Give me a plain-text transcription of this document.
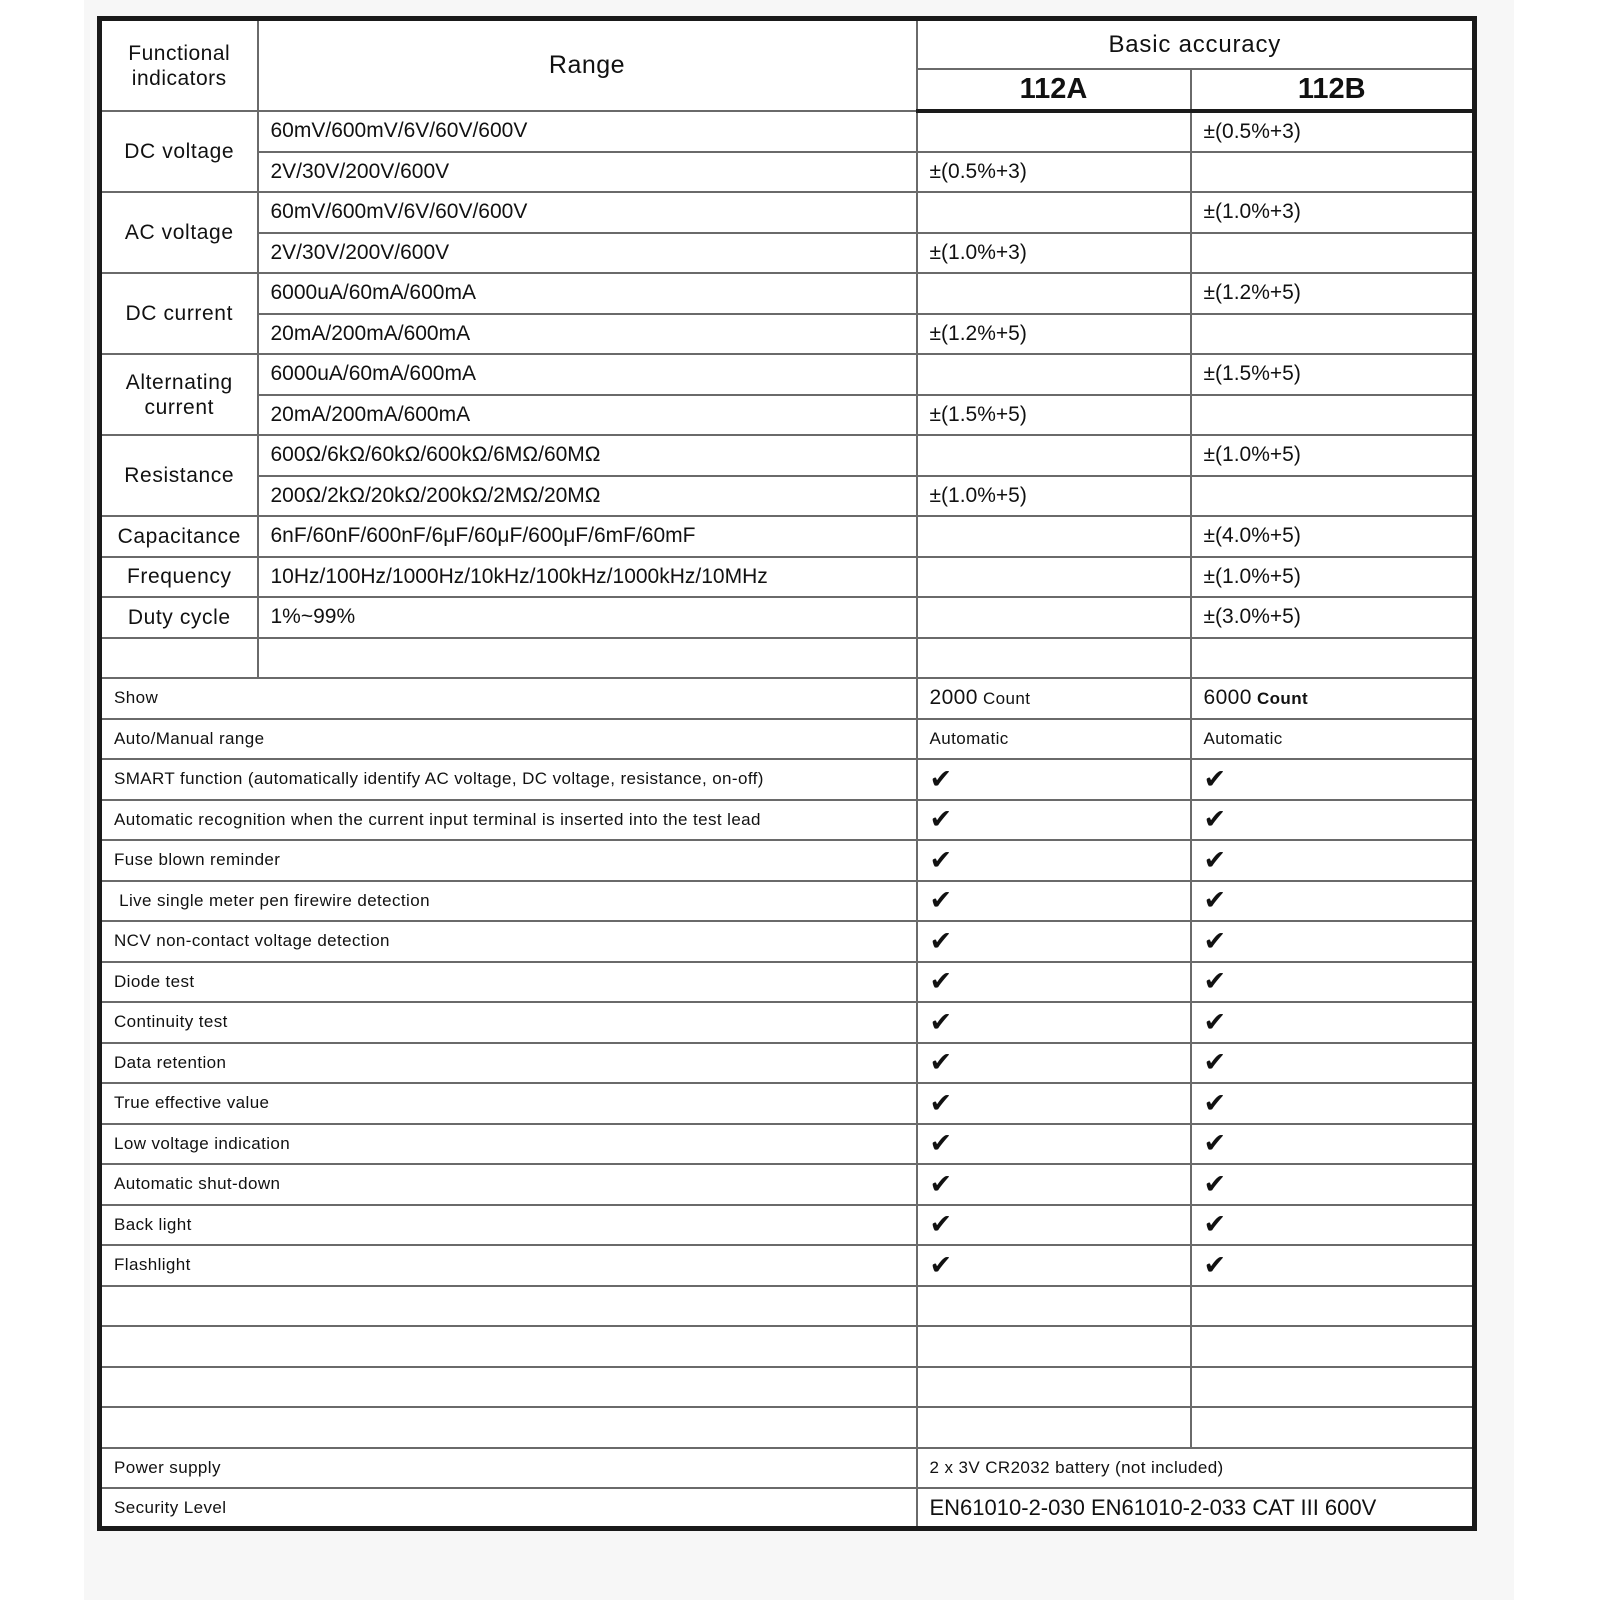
Functional indicators	Range	Basic accuracy	
		112A	112B
DC voltage	60mV/600mV/6V/60V/600V		±(0.5%+3)
	2V/30V/200V/600V	±(0.5%+3)	
AC voltage	60mV/600mV/6V/60V/600V		±(1.0%+3)
	2V/30V/200V/600V	±(1.0%+3)	
DC current	6000uA/60mA/600mA		±(1.2%+5)
	20mA/200mA/600mA	±(1.2%+5)	
Alternating current	6000uA/60mA/600mA		±(1.5%+5)
	20mA/200mA/600mA	±(1.5%+5)	
Resistance	600Ω/6kΩ/60kΩ/600kΩ/6MΩ/60MΩ		±(1.0%+5)
	200Ω/2kΩ/20kΩ/200kΩ/2MΩ/20MΩ	±(1.0%+5)	
Capacitance	6nF/60nF/600nF/6μF/60μF/600μF/6mF/60mF		±(4.0%+5)
Frequency	10Hz/100Hz/1000Hz/10kHz/100kHz/1000kHz/10MHz		±(1.0%+5)
Duty cycle	1%~99%		±(3.0%+5)

Show		2000 Count	6000 Count
Auto/Manual range		Automatic	Automatic
SMART function (automatically identify AC voltage, DC voltage, resistance, on-off)		✔	✔
Automatic recognition when the current input terminal is inserted into the test lead		✔	✔
Fuse blown reminder		✔	✔
Live single meter pen firewire detection		✔	✔
NCV non-contact voltage detection		✔	✔
Diode test		✔	✔
Continuity test		✔	✔
Data retention		✔	✔
True effective value		✔	✔
Low voltage indication		✔	✔
Automatic shut-down		✔	✔
Back light		✔	✔
Flashlight		✔	✔

Power supply		2 x 3V CR2032 battery (not included)	
Security Level		EN61010-2-030 EN61010-2-033 CAT III 600V	
